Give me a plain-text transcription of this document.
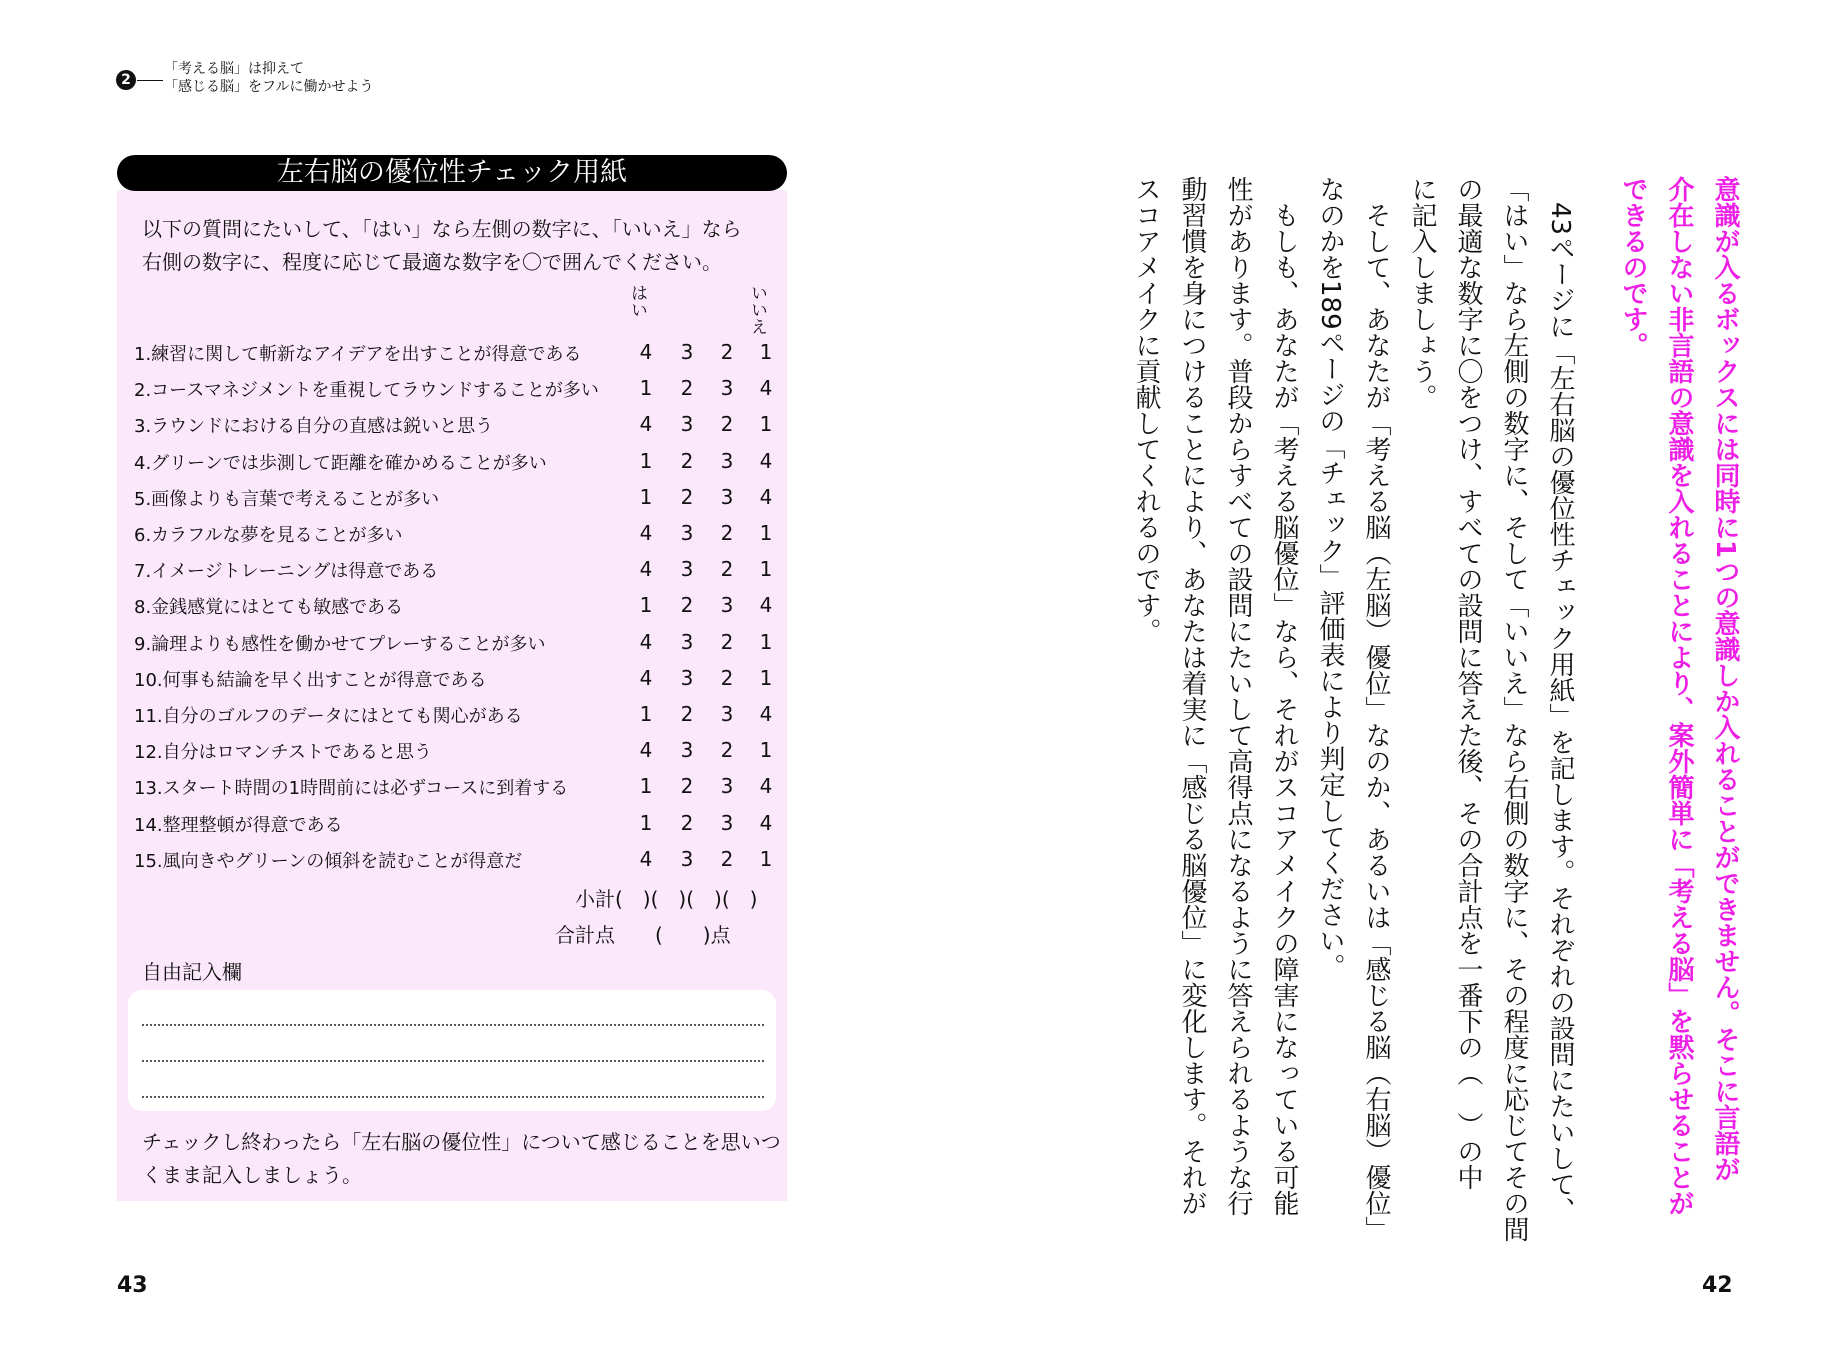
2
「考える脳」は抑えて
「感じる脳」をフルに働かせよう
左右脳の優位性チェック用紙
以下の質問にたいして、「はい」なら左側の数字に、「いいえ」なら
右側の数字に、程度に応じて最適な数字を〇で囲んでください。
はい	いいえ
1.練習に関して斬新なアイデアを出すことが得意である	4 3 2 1
2.コースマネジメントを重視してラウンドすることが多い 1 2 3 4
3.ラウンドにおける自分の直感は鋭いと思う	4 3 2 1
4.グリーンでは歩測して距離を確かめることが多い	1 2 3 4
5.画像よりも言葉で考えることが多い	1 2 3 4
6.カラフルな夢を見ることが多い	4 3 2 1
7.イメージトレーニングは得意である	4 3 2 1
8.金銭感覚にはとても敏感である	1 2 3 4
9.論理よりも感性を働かせてプレーすることが多い	4 3 2 1
10.何事も結論を早く出すことが得意である	4 3 2 1
11.自分のゴルフのデータにはとても関心がある	1 2 3 4
12.自分はロマンチストであると思う	4 3 2 1
13.スタート時間の1時間前には必ずコースに到着する	1 2 3 4
14.整理整頓が得意である	1 2 3 4
15.風向きやグリーンの傾斜を読むことが得意だ	4 3 2 1
小計(　)(　)(　)(　)
合計点　　(　　)点
自由記入欄
チェックし終わったら「左右脳の優位性」について感じることを思いつ
くまま記入しましょう。
43
意識が入るボックスには同時に1つの意識しか入れることができません。そこに言語が
介在しない非言語の意識を入れることにより、案外簡単に「考える脳」を黙らせることが
できるのです。
　43ページに「左右脳の優位性チェック用紙」を記します。それぞれの設問にたいして、
「はい」なら左側の数字に、そして「いいえ」なら右側の数字に、その程度に応じてその間
の最適な数字に〇をつけ、すべての設問に答えた後、その合計点を一番下の（　）の中
に記入しましょう。
　そして、あなたが「考える脳（左脳）優位」なのか、あるいは「感じる脳（右脳）優位」
なのかを189ページの「チェック」評価表により判定してください。
　もしも、あなたが「考える脳優位」なら、それがスコアメイクの障害になっている可能
性があります。普段からすべての設問にたいして高得点になるように答えられるような行
動習慣を身につけることにより、あなたは着実に「感じる脳優位」に変化します。それが
スコアメイクに貢献してくれるのです。
42
